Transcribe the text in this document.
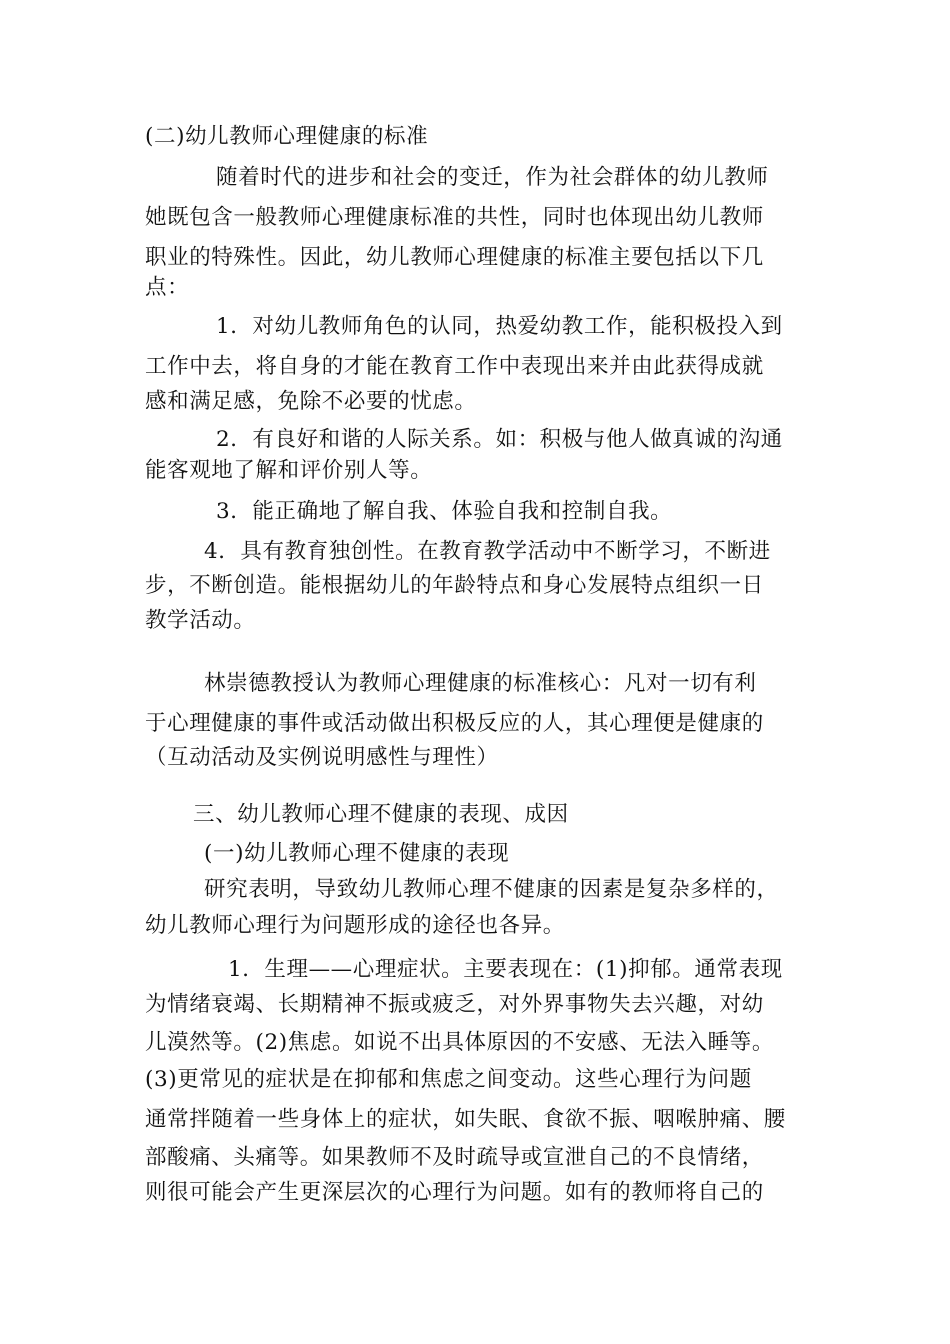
(二)幼儿教师心理健康的标准
随着时代的进步和社会的变迁，作为社会群体的幼儿教师
她既包含一般教师心理健康标准的共性，同时也体现出幼儿教师
职业的特殊性。因此，幼儿教师心理健康的标准主要包括以下几
点：
1．对幼儿教师角色的认同，热爱幼教工作，能积极投入到
工作中去，将自身的才能在教育工作中表现出来并由此获得成就
感和满足感，免除不必要的忧虑。
2．有良好和谐的人际关系。如：积极与他人做真诚的沟通
能客观地了解和评价别人等。
3．能正确地了解自我、体验自我和控制自我。
4．具有教育独创性。在教育教学活动中不断学习，不断进
步，不断创造。能根据幼儿的年龄特点和身心发展特点组织一日
教学活动。
林崇德教授认为教师心理健康的标准核心：凡对一切有利
于心理健康的事件或活动做出积极反应的人，其心理便是健康的
（互动活动及实例说明感性与理性）
三、幼儿教师心理不健康的表现、成因
(一)幼儿教师心理不健康的表现
研究表明，导致幼儿教师心理不健康的因素是复杂多样的，
幼儿教师心理行为问题形成的途径也各异。
1．生理——心理症状。主要表现在：(1)抑郁。通常表现
为情绪衰竭、长期精神不振或疲乏，对外界事物失去兴趣，对幼
儿漠然等。(2)焦虑。如说不出具体原因的不安感、无法入睡等。
(3)更常见的症状是在抑郁和焦虑之间变动。这些心理行为问题
通常拌随着一些身体上的症状，如失眠、食欲不振、咽喉肿痛、腰
部酸痛、头痛等。如果教师不及时疏导或宣泄自己的不良情绪，
则很可能会产生更深层次的心理行为问题。如有的教师将自己的
